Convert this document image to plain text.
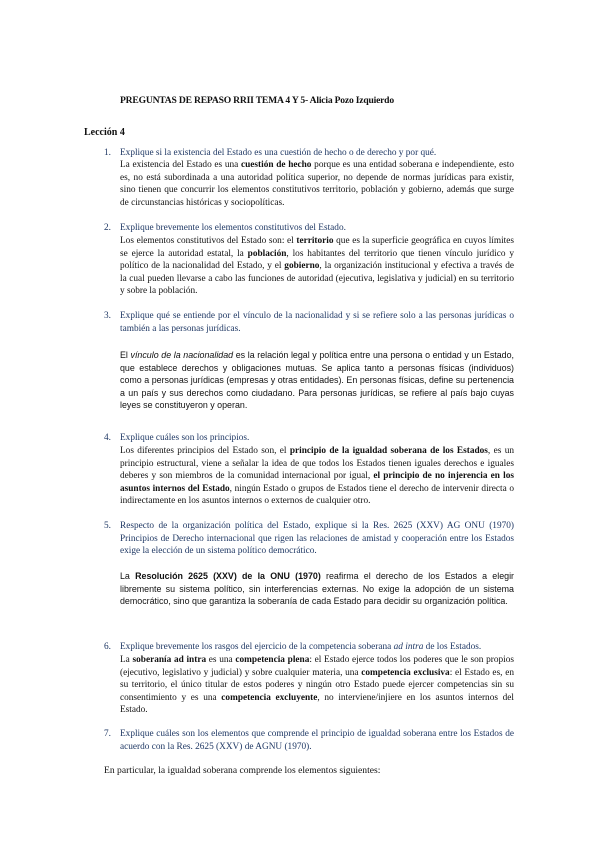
PREGUNTAS DE REPASO RRII TEMA 4 Y 5- Alicia Pozo Izquierdo
Lección 4
1. Explique si la existencia del Estado es una cuestión de hecho o de derecho y por qué.
La existencia del Estado es una cuestión de hecho porque es una entidad soberana e independiente, esto es, no está subordinada a una autoridad política superior, no depende de normas jurídicas para existir, sino tienen que concurrir los elementos constitutivos territorio, población y gobierno, además que surge de circunstancias históricas y sociopolíticas.
2. Explique brevemente los elementos constitutivos del Estado.
Los elementos constitutivos del Estado son: el territorio que es la superficie geográfica en cuyos límites se ejerce la autoridad estatal, la población, los habitantes del territorio que tienen vínculo jurídico y político de la nacionalidad del Estado, y el gobierno, la organización institucional y efectiva a través de la cual pueden llevarse a cabo las funciones de autoridad (ejecutiva, legislativa y judicial) en su territorio y sobre la población.
3. Explique qué se entiende por el vínculo de la nacionalidad y si se refiere solo a las personas jurídicas o también a las personas jurídicas.
El vínculo de la nacionalidad es la relación legal y política entre una persona o entidad y un Estado, que establece derechos y obligaciones mutuas. Se aplica tanto a personas físicas (individuos) como a personas jurídicas (empresas y otras entidades). En personas físicas, define su pertenencia a un país y sus derechos como ciudadano. Para personas jurídicas, se refiere al país bajo cuyas leyes se constituyeron y operan.
4. Explique cuáles son los principios.
Los diferentes principios del Estado son, el principio de la igualdad soberana de los Estados, es un principio estructural, viene a señalar la idea de que todos los Estados tienen iguales derechos e iguales deberes y son miembros de la comunidad internacional por igual, el principio de no injerencia en los asuntos internos del Estado, ningún Estado o grupos de Estados tiene el derecho de intervenir directa o indirectamente en los asuntos internos o externos de cualquier otro.
5. Respecto de la organización política del Estado, explique si la Res. 2625 (XXV) AG ONU (1970) Principios de Derecho internacional que rigen las relaciones de amistad y cooperación entre los Estados exige la elección de un sistema político democrático.
La Resolución 2625 (XXV) de la ONU (1970) reafirma el derecho de los Estados a elegir libremente su sistema político, sin interferencias externas. No exige la adopción de un sistema democrático, sino que garantiza la soberanía de cada Estado para decidir su organización política.
6. Explique brevemente los rasgos del ejercicio de la competencia soberana ad intra de los Estados.
La soberanía ad intra es una competencia plena: el Estado ejerce todos los poderes que le son propios (ejecutivo, legislativo y judicial) y sobre cualquier materia, una competencia exclusiva: el Estado es, en su territorio, el único titular de estos poderes y ningún otro Estado puede ejercer competencias sin su consentimiento y es una competencia excluyente, no interviene/injiere en los asuntos internos del Estado.
7. Explique cuáles son los elementos que comprende el principio de igualdad soberana entre los Estados de acuerdo con la Res. 2625 (XXV) de AGNU (1970).
En particular, la igualdad soberana comprende los elementos siguientes:
